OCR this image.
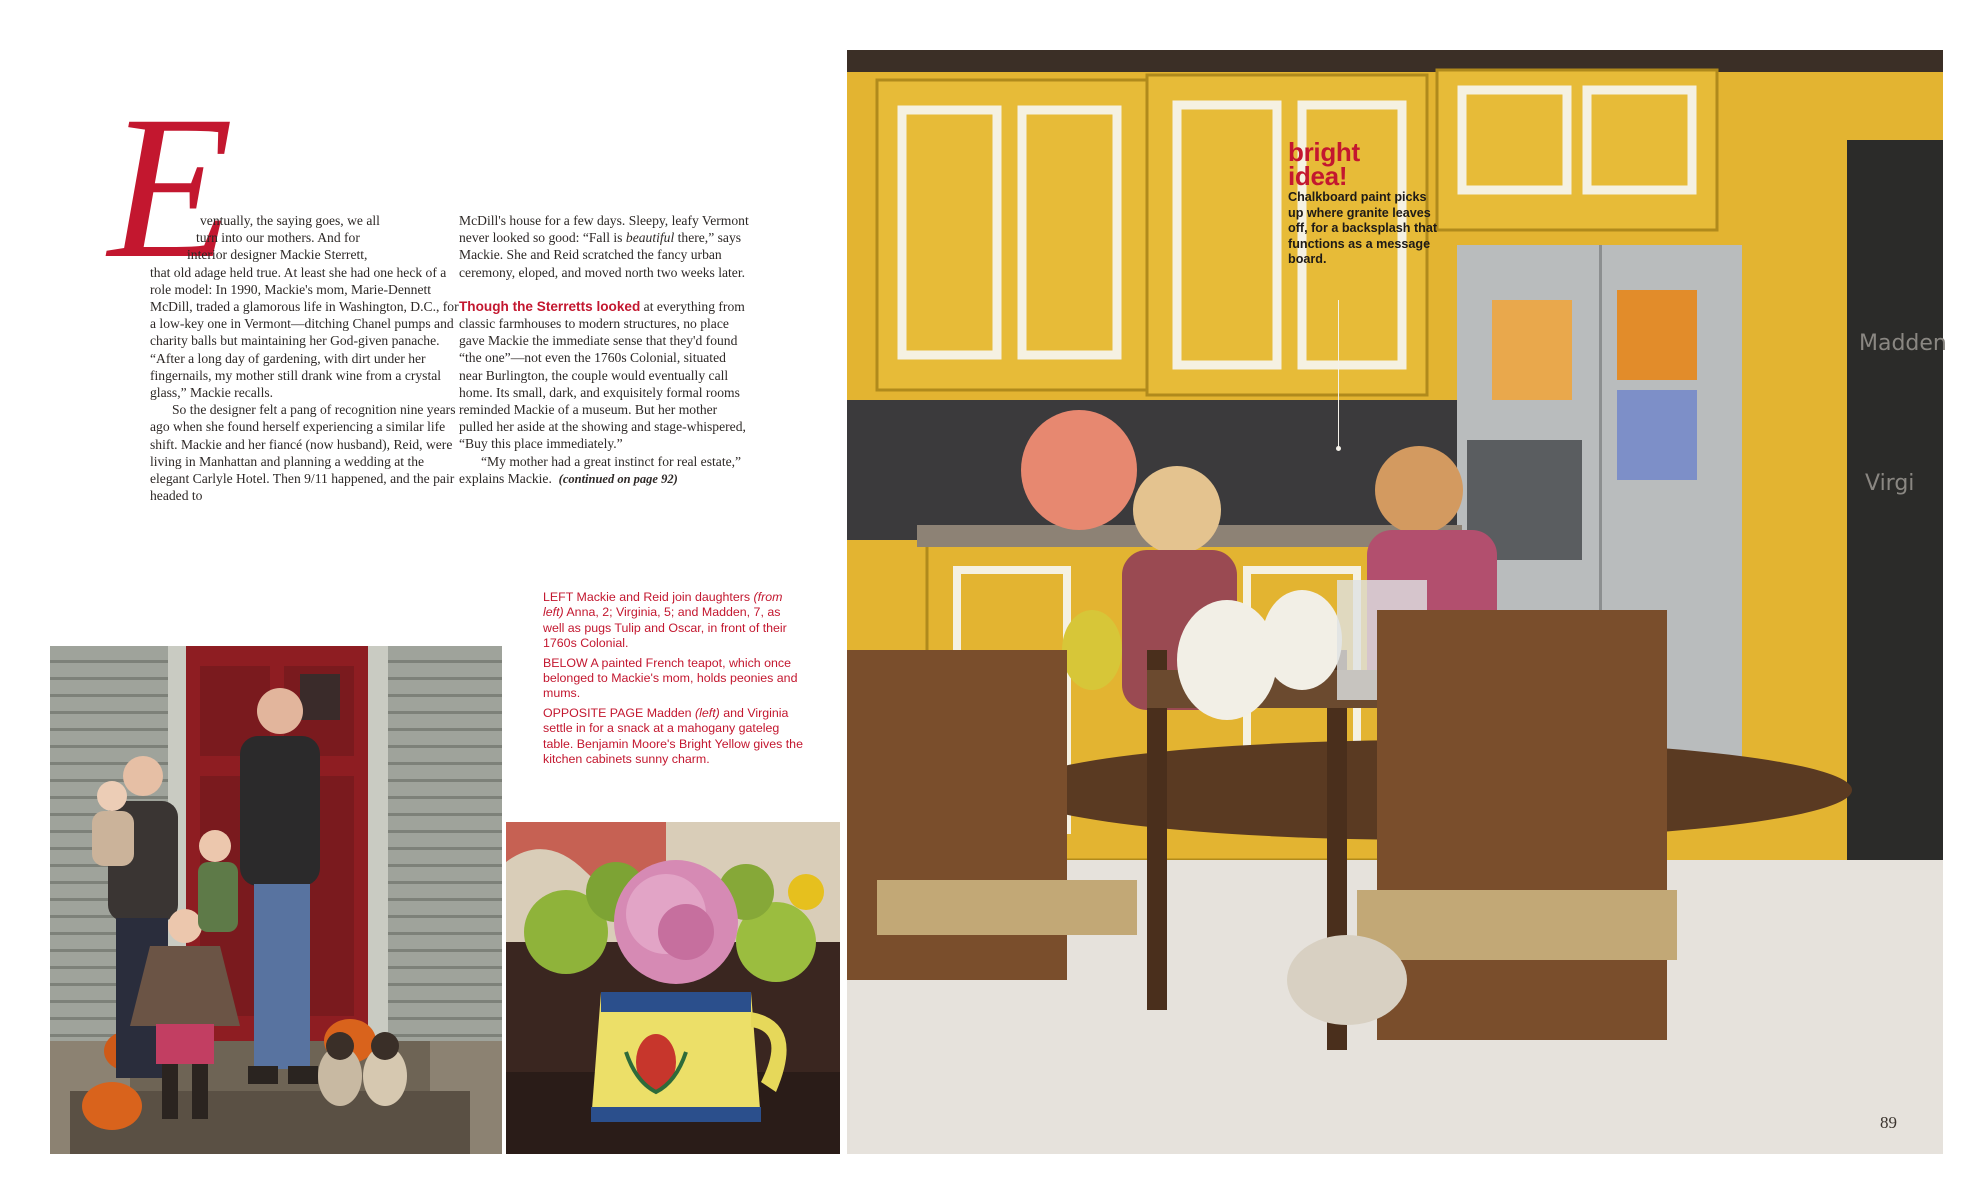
E

ventually, the saying goes, we all

turn into our mothers. And for

interior designer Mackie Sterrett,

that old adage held true. At least she had one heck of a role model: In 1990, Mackie's mom, Marie-Dennett McDill, traded a glamorous life in Washington, D.C., for a low-key one in Vermont—ditching Chanel pumps and charity balls but maintaining her God-given panache. “After a long day of gardening, with dirt under her fingernails, my mother still drank wine from a crystal glass,” Mackie recalls.

So the designer felt a pang of recognition nine years ago when she found herself experiencing a similar life shift. Mackie and her fiancé (now husband), Reid, were living in Manhattan and planning a wedding at the elegant Carlyle Hotel. Then 9/11 happened, and the pair headed to

McDill's house for a few days. Sleepy, leafy Vermont never looked so good: “Fall is beautiful there,” says Mackie. She and Reid scratched the fancy urban ceremony, eloped, and moved north two weeks later.

Though the Sterretts looked at everything from classic farmhouses to modern structures, no place gave Mackie the immediate sense that they'd found “the one”—not even the 1760s Colonial, situated near Burlington, the couple would eventually call home. Its small, dark, and exquisitely formal rooms reminded Mackie of a museum. But her mother pulled her aside at the showing and stage-whispered, “Buy this place immediately.”

“My mother had a great instinct for real estate,” explains Mackie. (continued on page 92)

LEFT Mackie and Reid join daughters (from left) Anna, 2; Virginia, 5; and Madden, 7, as well as pugs Tulip and Oscar, in front of their 1760s Colonial.

BELOW A painted French teapot, which once belonged to Mackie's mom, holds peonies and mums.

OPPOSITE PAGE Madden (left) and Virginia settle in for a snack at a mahogany gateleg table. Benjamin Moore's Bright Yellow gives the kitchen cabinets sunny charm.

Madden
Virgi
bright
idea!
Chalkboard paint picks up where granite leaves off, for a backsplash that functions as a message board.
89
